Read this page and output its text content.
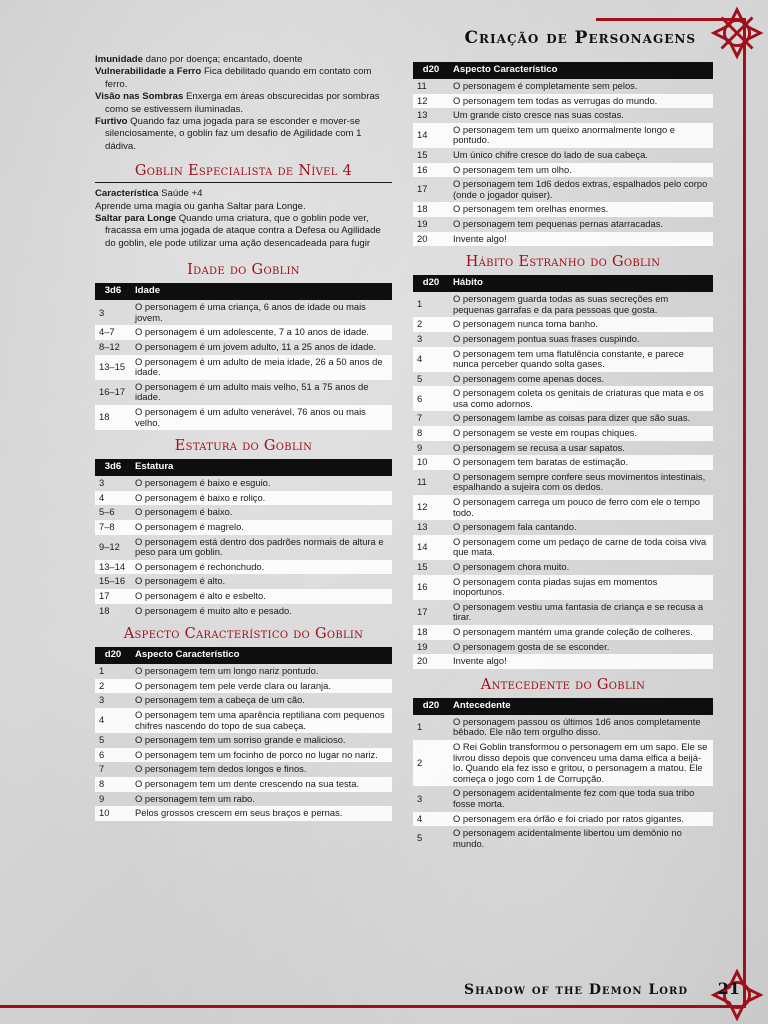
Criação de Personagens

Imunidade dano por doença; encantado, doente

Vulnerabilidade a Ferro Fica debilitado quando em contato com ferro.

Visão nas Sombras Enxerga em áreas obscurecidas por sombras como se estivessem iluminadas.

Furtivo Quando faz uma jogada para se esconder e mover-se silenciosamente, o goblin faz um desafio de Agilidade com 1 dádiva.

Goblin Especialista de Nível 4

Característica Saúde +4

Aprende uma magia ou ganha Saltar para Longe.

Saltar para Longe Quando uma criatura, que o goblin pode ver, fracassa em uma jogada de ataque contra a Defesa ou Agilidade do goblin, ele pode utilizar uma ação desencadeada para fugir

Idade do Goblin
3d6	Idade
3	O personagem é uma criança, 6 anos de idade ou mais jovem.
4–7	O personagem é um adolescente, 7 a 10 anos de idade.
8–12	O personagem é um jovem adulto, 11 a 25 anos de idade.
13–15	O personagem é um adulto de meia idade, 26 a 50 anos de idade.
16–17	O personagem é um adulto mais velho, 51 a 75 anos de idade.
18	O personagem é um adulto venerável, 76 anos ou mais velho.
Estatura do Goblin
3d6	Estatura
3	O personagem é baixo e esguio.
4	O personagem é baixo e roliço.
5–6	O personagem é baixo.
7–8	O personagem é magrelo.
9–12	O personagem está dentro dos padrões normais de altura e peso para um goblin.
13–14	O personagem é rechonchudo.
15–16	O personagem é alto.
17	O personagem é alto e esbelto.
18	O personagem é muito alto e pesado.
Aspecto Característico do Goblin
d20	Aspecto Característico
1	O personagem tem um longo nariz pontudo.
2	O personagem tem pele verde clara ou laranja.
3	O personagem tem a cabeça de um cão.
4	O personagem tem uma aparência reptiliana com pequenos chifres nascendo do topo de sua cabeça.
5	O personagem tem um sorriso grande e malicioso.
6	O personagem tem um focinho de porco no lugar no nariz.
7	O personagem tem dedos longos e finos.
8	O personagem tem um dente crescendo na sua testa.
9	O personagem tem um rabo.
10	Pelos grossos crescem em seus braços e pernas.
d20	Aspecto Característico
11	O personagem é completamente sem pelos.
12	O personagem tem todas as verrugas do mundo.
13	Um grande cisto cresce nas suas costas.
14	O personagem tem um queixo anormalmente longo e pontudo.
15	Um único chifre cresce do lado de sua cabeça.
16	O personagem tem um olho.
17	O personagem tem 1d6 dedos extras, espalhados pelo corpo (onde o jogador quiser).
18	O personagem tem orelhas enormes.
19	O personagem tem pequenas pernas atarracadas.
20	Invente algo!
Hábito Estranho do Goblin
d20	Hábito
1	O personagem guarda todas as suas secreções em pequenas garrafas e da para pessoas que gosta.
2	O personagem nunca toma banho.
3	O personagem pontua suas frases cuspindo.
4	O personagem tem uma flatulência constante, e parece nunca perceber quando solta gases.
5	O personagem come apenas doces.
6	O personagem coleta os genitais de criaturas que mata e os usa como adornos.
7	O personagem lambe as coisas para dizer que são suas.
8	O personagem se veste em roupas chiques.
9	O personagem se recusa a usar sapatos.
10	O personagem tem baratas de estimação.
11	O personagem sempre confere seus movimentos intestinais, espalhando a sujeira com os dedos.
12	O personagem carrega um pouco de ferro com ele o tempo todo.
13	O personagem fala cantando.
14	O personagem come um pedaço de carne de toda coisa viva que mata.
15	O personagem chora muito.
16	O personagem conta piadas sujas em momentos inoportunos.
17	O personagem vestiu uma fantasia de criança e se recusa a tirar.
18	O personagem mantém uma grande coleção de colheres.
19	O personagem gosta de se esconder.
20	Invente algo!
Antecedente do Goblin
d20	Antecedente
1	O personagem passou os últimos 1d6 anos completamente bêbado. Ele não tem orgulho disso.
2	O Rei Goblin transformou o personagem em um sapo. Ele se livrou disso depois que convenceu uma dama elfica a beijá-lo. Quando ela fez isso e gritou, o personagem a matou. Ele começa o jogo com 1 de Corrupção.
3	O personagem acidentalmente fez com que toda sua tribo fosse morta.
4	O personagem era órfão e foi criado por ratos gigantes.
5	O personagem acidentalmente libertou um demônio no mundo.
Shadow of the Demon Lord 21
